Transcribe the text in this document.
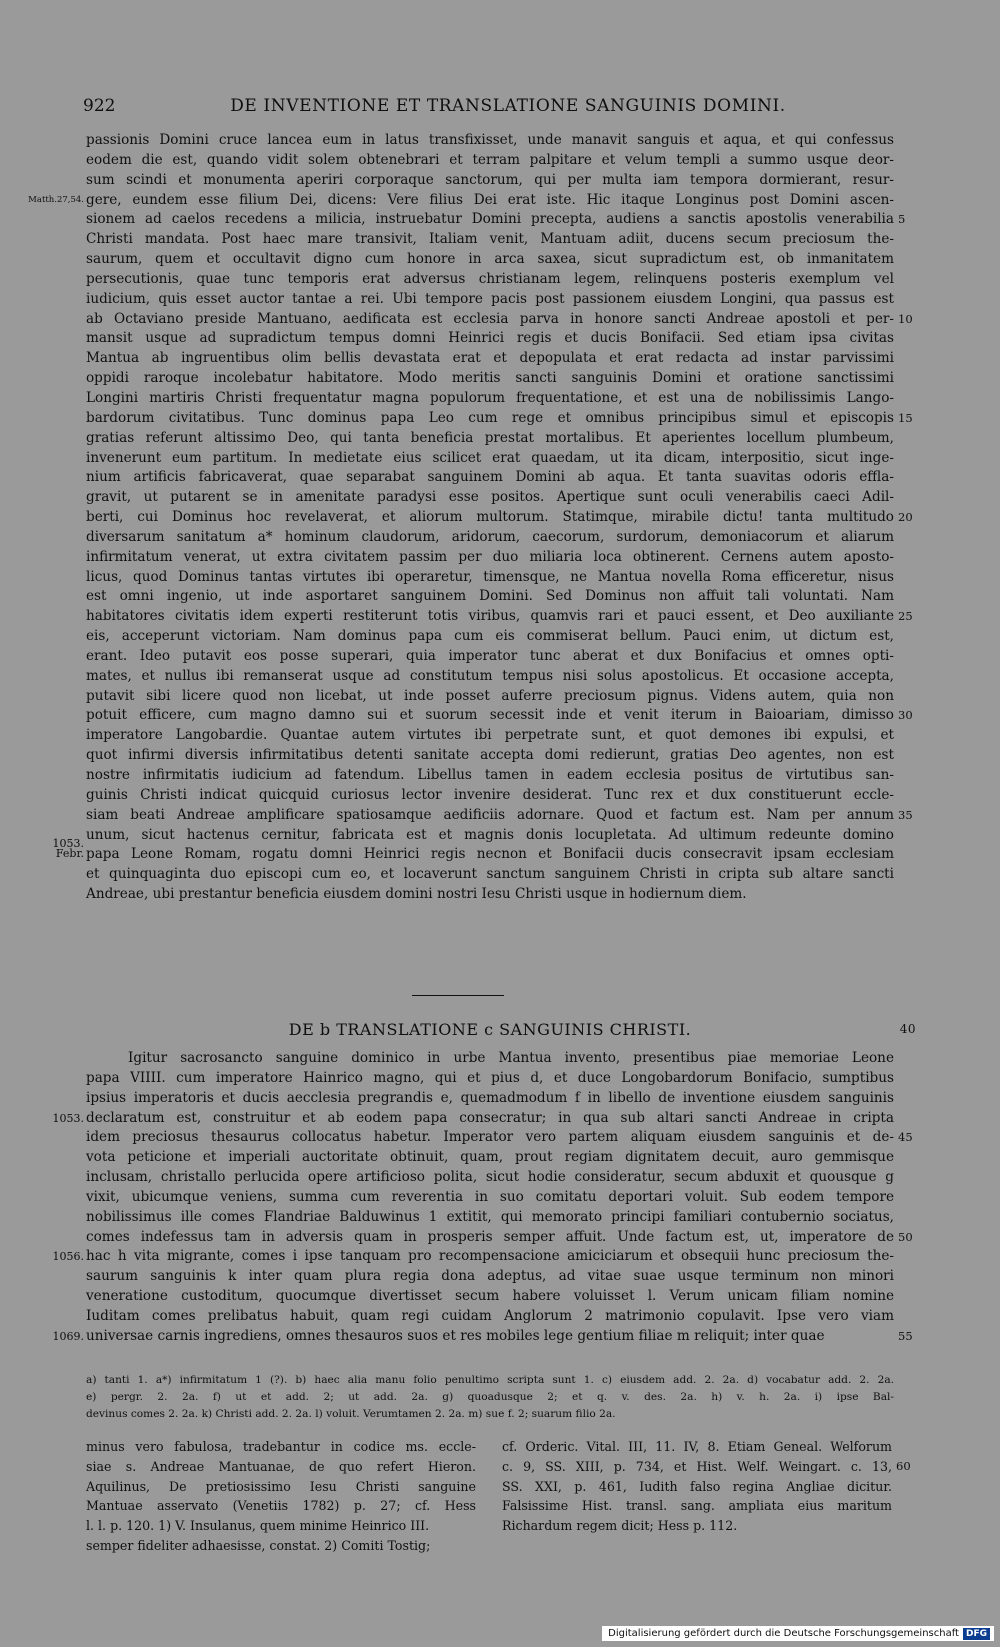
922	DE INVENTIONE ET TRANSLATIONE SANGUINIS DOMINI.
passionis Domini cruce lancea eum in latus transfixisset, unde manavit sanguis et aqua, et qui confessus
eodem die est, quando vidit solem obtenebrari et terram palpitare et velum templi a summo usque deor-
sum scindi et monumenta aperiri corporaque sanctorum, qui per multa iam tempora dormierant, resur-
gere, eundem esse filium Dei, dicens: Vere filius Dei erat iste. Hic itaque Longinus post Domini ascen-
Matth.27,54.
sionem ad caelos recedens a milicia, instruebatur Domini precepta, audiens a sanctis apostolis venerabilia 5
Christi mandata. Post haec mare transivit, Italiam venit, Mantuam adiit, ducens secum preciosum the-
saurum, quem et occultavit digno cum honore in arca saxea, sicut supradictum est, ob inmanitatem
persecutionis, quae tunc temporis erat adversus christianam legem, relinquens posteris exemplum vel
iudicium, quis esset auctor tantae a rei. Ubi tempore pacis post passionem eiusdem Longini, qua passus est
ab Octaviano preside Mantuano, aedificata est ecclesia parva in honore sancti Andreae apostoli et per- 10
mansit usque ad supradictum tempus domni Heinrici regis et ducis Bonifacii. Sed etiam ipsa civitas
Mantua ab ingruentibus olim bellis devastata erat et depopulata et erat redacta ad instar parvissimi
oppidi raroque incolebatur habitatore. Modo meritis sancti sanguinis Domini et oratione sanctissimi
Longini martiris Christi frequentatur magna populorum frequentatione, et est una de nobilissimis Lango-
bardorum civitatibus. Tunc dominus papa Leo cum rege et omnibus principibus simul et episcopis 15
gratias referunt altissimo Deo, qui tanta beneficia prestat mortalibus. Et aperientes locellum plumbeum,
invenerunt eum partitum. In medietate eius scilicet erat quaedam, ut ita dicam, interpositio, sicut inge-
nium artificis fabricaverat, quae separabat sanguinem Domini ab aqua. Et tanta suavitas odoris effla-
gravit, ut putarent se in amenitate paradysi esse positos. Apertique sunt oculi venerabilis caeci Adil-
berti, cui Dominus hoc revelaverat, et aliorum multorum. Statimque, mirabile dictu! tanta multitudo 20
diversarum sanitatum a* hominum claudorum, aridorum, caecorum, surdorum, demoniacorum et aliarum
infirmitatum venerat, ut extra civitatem passim per duo miliaria loca obtinerent. Cernens autem aposto-
licus, quod Dominus tantas virtutes ibi operaretur, timensque, ne Mantua novella Roma efficeretur, nisus
est omni ingenio, ut inde asportaret sanguinem Domini. Sed Dominus non affuit tali voluntati. Nam
habitatores civitatis idem experti restiterunt totis viribus, quamvis rari et pauci essent, et Deo auxiliante 25
eis, acceperunt victoriam. Nam dominus papa cum eis commiserat bellum. Pauci enim, ut dictum est,
erant. Ideo putavit eos posse superari, quia imperator tunc aberat et dux Bonifacius et omnes opti-
mates, et nullus ibi remanserat usque ad constitutum tempus nisi solus apostolicus. Et occasione accepta,
putavit sibi licere quod non licebat, ut inde posset auferre preciosum pignus. Videns autem, quia non
potuit efficere, cum magno damno sui et suorum secessit inde et venit iterum in Baioariam, dimisso 30
imperatore Langobardie. Quantae autem virtutes ibi perpetrate sunt, et quot demones ibi expulsi, et
quot infirmi diversis infirmitatibus detenti sanitate accepta domi redierunt, gratias Deo agentes, non est
nostre infirmitatis iudicium ad fatendum. Libellus tamen in eadem ecclesia positus de virtutibus san-
guinis Christi indicat quicquid curiosus lector invenire desiderat. Tunc rex et dux constituerunt eccle-
siam beati Andreae amplificare spatiosamque aedificiis adornare. Quod et factum est. Nam per annum 35
unum, sicut hactenus cernitur, fabricata est et magnis donis locupletata. Ad ultimum redeunte domino
1053.
papa Leone Romam, rogatu domni Heinrici regis necnon et Bonifacii ducis consecravit ipsam ecclesiam
Febr.
et quinquaginta duo episcopi cum eo, et locaverunt sanctum sanguinem Christi in cripta sub altare sancti
Andreae, ubi prestantur beneficia eiusdem domini nostri Iesu Christi usque in hodiernum diem.
DE b TRANSLATIONE c SANGUINIS CHRISTI.	40
Igitur sacrosancto sanguine dominico in urbe Mantua invento, presentibus piae memoriae Leone
papa VIIII. cum imperatore Hainrico magno, qui et pius d, et duce Longobardorum Bonifacio, sumptibus
ipsius imperatoris et ducis aecclesia pregrandis e, quemadmodum f in libello de inventione eiusdem sanguinis
declaratum est, construitur et ab eodem papa consecratur; in qua sub altari sancti Andreae in cripta
1053.
idem preciosus thesaurus collocatus habetur. Imperator vero partem aliquam eiusdem sanguinis et de- 45
vota peticione et imperiali auctoritate obtinuit, quam, prout regiam dignitatem decuit, auro gemmisque
inclusam, christallo perlucida opere artificioso polita, sicut hodie consideratur, secum abduxit et quousque g
vixit, ubicumque veniens, summa cum reverentia in suo comitatu deportari voluit. Sub eodem tempore
nobilissimus ille comes Flandriae Balduwinus 1 extitit, qui memorato principi familiari contubernio sociatus,
comes indefessus tam in adversis quam in prosperis semper affuit. Unde factum est, ut, imperatore de 50
hac h vita migrante, comes i ipse tanquam pro recompensacione amiciciarum et obsequii hunc preciosum the-
1056.
saurum sanguinis k inter quam plura regia dona adeptus, ad vitae suae usque terminum non minori
veneratione custoditum, quocumque divertisset secum habere voluisset l. Verum unicam filiam nomine
Iuditam comes prelibatus habuit, quam regi cuidam Anglorum 2 matrimonio copulavit. Ipse vero viam
universae carnis ingrediens, omnes thesauros suos et res mobiles lege gentium filiae m reliquit; inter quae
1069.	55
a) tanti 1. a*) infirmitatum 1 (?). b) haec alia manu folio penultimo scripta sunt 1. c) eiusdem add. 2. 2a. d) vocabatur add. 2. 2a.
e) pergr. 2. 2a. f) ut et add. 2; ut add. 2a. g) quoadusque 2; et q. v. des. 2a. h) v. h. 2a. i) ipse Bal-
devinus comes 2. 2a. k) Christi add. 2. 2a. l) voluit. Verumtamen 2. 2a. m) sue f. 2; suarum filio 2a.
minus vero fabulosa, tradebantur in codice ms. eccle-
siae s. Andreae Mantuanae, de quo refert Hieron.
Aquilinus, De pretiosissimo Iesu Christi sanguine
Mantuae asservato (Venetiis 1782) p. 27; cf. Hess
l. l. p. 120. 1) V. Insulanus, quem minime Heinrico III.
semper fideliter adhaesisse, constat. 2) Comiti Tostig;
cf. Orderic. Vital. III, 11. IV, 8. Etiam Geneal. Welforum
c. 9, SS. XIII, p. 734, et Hist. Welf. Weingart. c. 13, 60
SS. XXI, p. 461, Iudith falso regina Angliae dicitur.
Falsissime Hist. transl. sang. ampliata eius maritum
Richardum regem dicit; Hess p. 112.
Digitalisierung gefördert durch die Deutsche Forschungsgemeinschaft DFG
